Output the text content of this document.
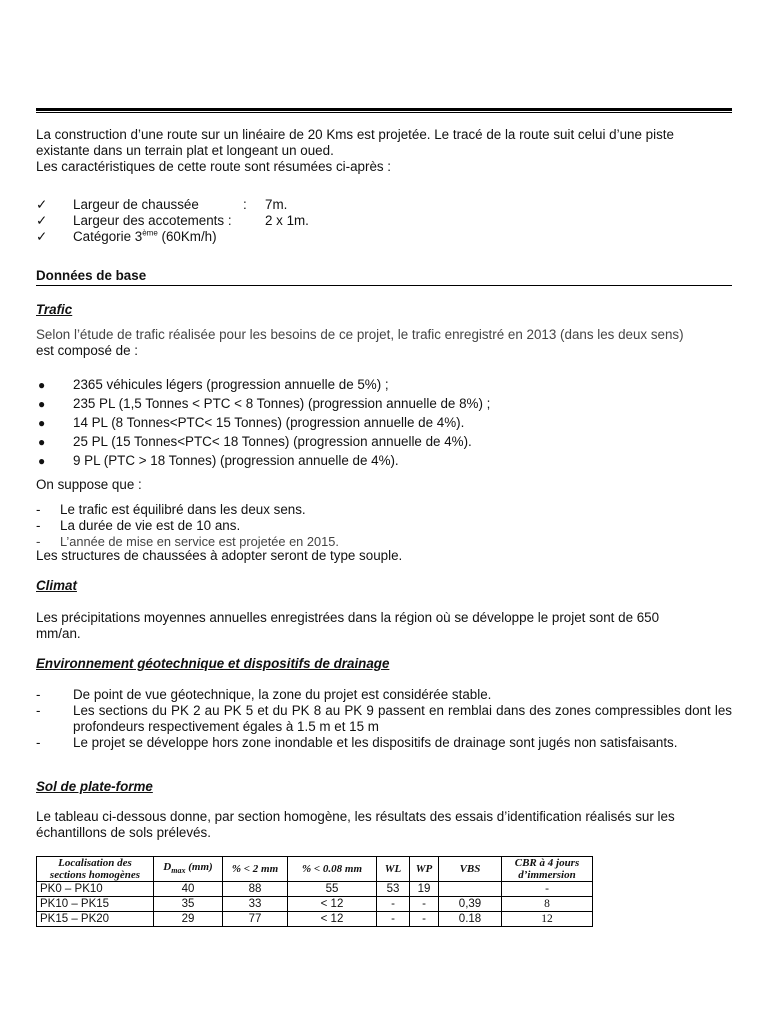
La construction d’une route sur un linéaire de 20 Kms est projetée. Le tracé de la route suit celui d’une piste
existante dans un terrain plat et longeant un oued.
Les caractéristiques de cette route sont résumées ci-après :
✓ Largeur de chaussée	: 7m.
✓ Largeur des accotements : 2 x 1m.
✓ Catégorie 3ème (60Km/h)
Données de base
Trafic
Selon l’étude de trafic réalisée pour les besoins de ce projet, le trafic enregistré en 2013 (dans les deux sens)
est composé de :
● 2365 véhicules légers (progression annuelle de 5%) ;
● 235 PL (1,5 Tonnes < PTC < 8 Tonnes) (progression annuelle de 8%) ;
● 14 PL (8 Tonnes<PTC< 15 Tonnes) (progression annuelle de 4%).
● 25 PL (15 Tonnes<PTC< 18 Tonnes) (progression annuelle de 4%).
● 9 PL (PTC > 18 Tonnes) (progression annuelle de 4%).
On suppose que :
- Le trafic est équilibré dans les deux sens.
- La durée de vie est de 10 ans.
- L’année de mise en service est projetée en 2015.
Les structures de chaussées à adopter seront de type souple.
Climat
Les précipitations moyennes annuelles enregistrées dans la région où se développe le projet sont de 650
mm/an.
Environnement géotechnique et dispositifs de drainage
- De point de vue géotechnique, la zone du projet est considérée stable.
- Les sections du PK 2 au PK 5 et du PK 8 au PK 9 passent en remblai dans des zones compressibles dont les profondeurs respectivement égales à 1.5 m et 15 m
- Le projet se développe hors zone inondable et les dispositifs de drainage sont jugés non satisfaisants.
Sol de plate-forme
Le tableau ci-dessous donne, par section homogène, les résultats des essais d’identification réalisés sur les
échantillons de sols prélevés.
Localisation des
sections homogènes	$D_{max}$ (mm)	% < 2 mm	% < 0.08 mm	WL	WP	VBS	CBR à 4 jours
d’immersion
PK0 – PK10	40	88	55	53	19		-
PK10 – PK15	35	33	< 12	-	-	0,39	8
PK15 – PK20	29	77	< 12	-	-	0.18	12
